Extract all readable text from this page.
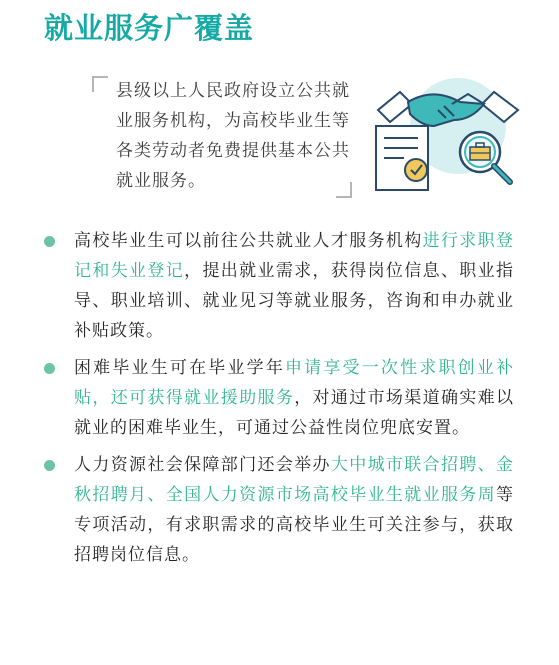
就业服务广覆盖
县级以上人民政府设立公共就业服务机构，为高校毕业生等各类劳动者免费提供基本公共就业服务。
高校毕业生可以前往公共就业人才服务机构进行求职登记和失业登记，提出就业需求，获得岗位信息、职业指导、职业培训、就业见习等就业服务，咨询和申办就业补贴政策。
困难毕业生可在毕业学年申请享受一次性求职创业补贴，还可获得就业援助服务，对通过市场渠道确实难以就业的困难毕业生，可通过公益性岗位兜底安置。
人力资源社会保障部门还会举办大中城市联合招聘、金秋招聘月、全国人力资源市场高校毕业生就业服务周等专项活动，有求职需求的高校毕业生可关注参与，获取招聘岗位信息。
